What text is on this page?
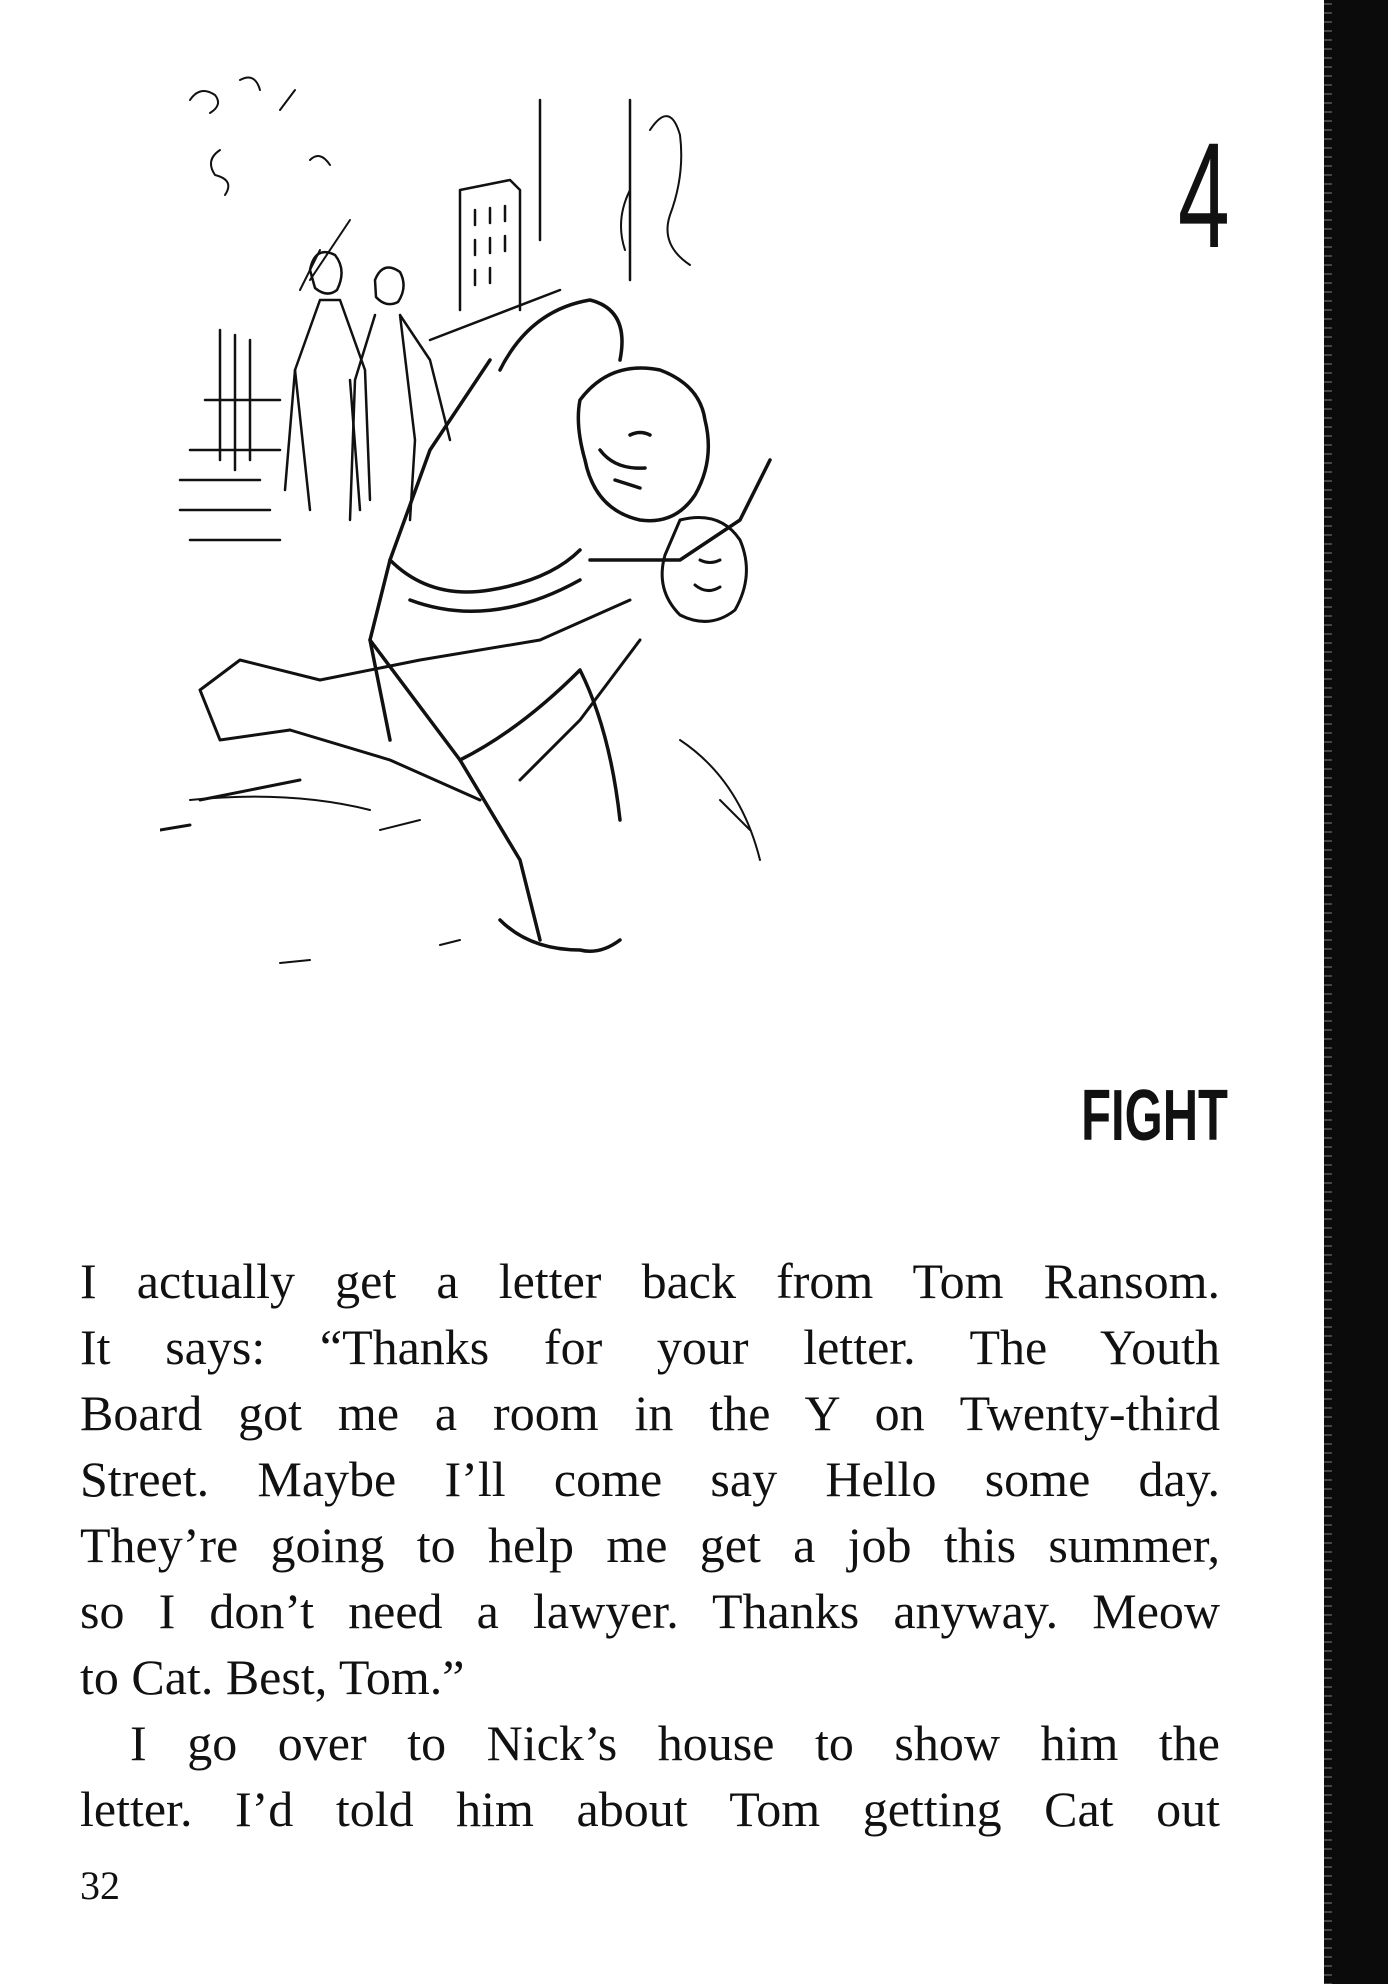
4
FIGHT

I actually get a letter back from Tom Ransom.
It says: “Thanks for your letter. The Youth
Board got me a room in the Y on Twenty-third
Street. Maybe I’ll come say Hello some day.
They’re going to help me get a job this summer,
so I don’t need a lawyer. Thanks anyway. Meow
to Cat. Best, Tom.”

I go over to Nick’s house to show him the
letter. I’d told him about Tom getting Cat out

32
